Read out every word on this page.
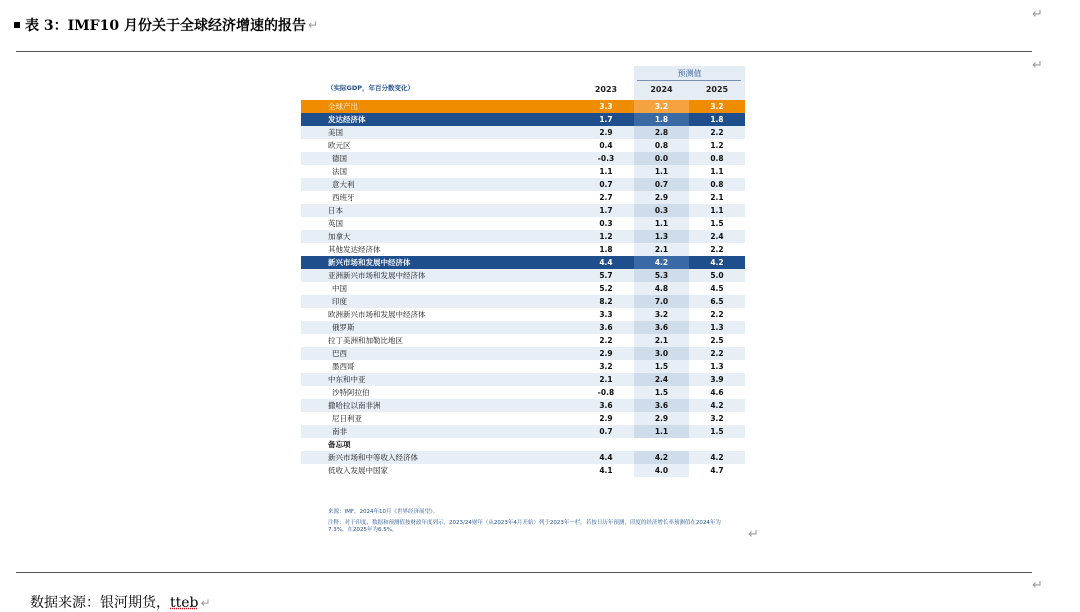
表 3：IMF10 月份关于全球经济增速的报告 ↵
↵
↵
预测值
（实际GDP，年百分数变化）	2023	2024	2025
全球产出	3.3	3.2	3.2
发达经济体	1.7	1.8	1.8
美国	2.9	2.8	2.2
欧元区	0.4	0.8	1.2
德国	-0.3	0.0	0.8
法国	1.1	1.1	1.1
意大利	0.7	0.7	0.8
西班牙	2.7	2.9	2.1
日本	1.7	0.3	1.1
英国	0.3	1.1	1.5
加拿大	1.2	1.3	2.4
其他发达经济体	1.8	2.1	2.2
新兴市场和发展中经济体	4.4	4.2	4.2
亚洲新兴市场和发展中经济体	5.7	5.3	5.0
中国	5.2	4.8	4.5
印度	8.2	7.0	6.5
欧洲新兴市场和发展中经济体	3.3	3.2	2.2
俄罗斯	3.6	3.6	1.3
拉丁美洲和加勒比地区	2.2	2.1	2.5
巴西	2.9	3.0	2.2
墨西哥	3.2	1.5	1.3
中东和中亚	2.1	2.4	3.9
沙特阿拉伯	-0.8	1.5	4.6
撒哈拉以南非洲	3.6	3.6	4.2
尼日利亚	2.9	2.9	3.2
南非	0.7	1.1	1.5
备忘项
新兴市场和中等收入经济体	4.4	4.2	4.2
低收入发展中国家	4.1	4.0	4.7
来源：IMF，2024年10月《世界经济展望》。
注释：对于印度，数据和预测值按财政年度列示，2023/24财年（从2023年4月开始）列于2023年一栏。若按日历年预测，印度的经济增长率预测值在2024年为7.3%，在2025年为6.5%。	↵
↵
数据来源：银河期货，tteb ↵
